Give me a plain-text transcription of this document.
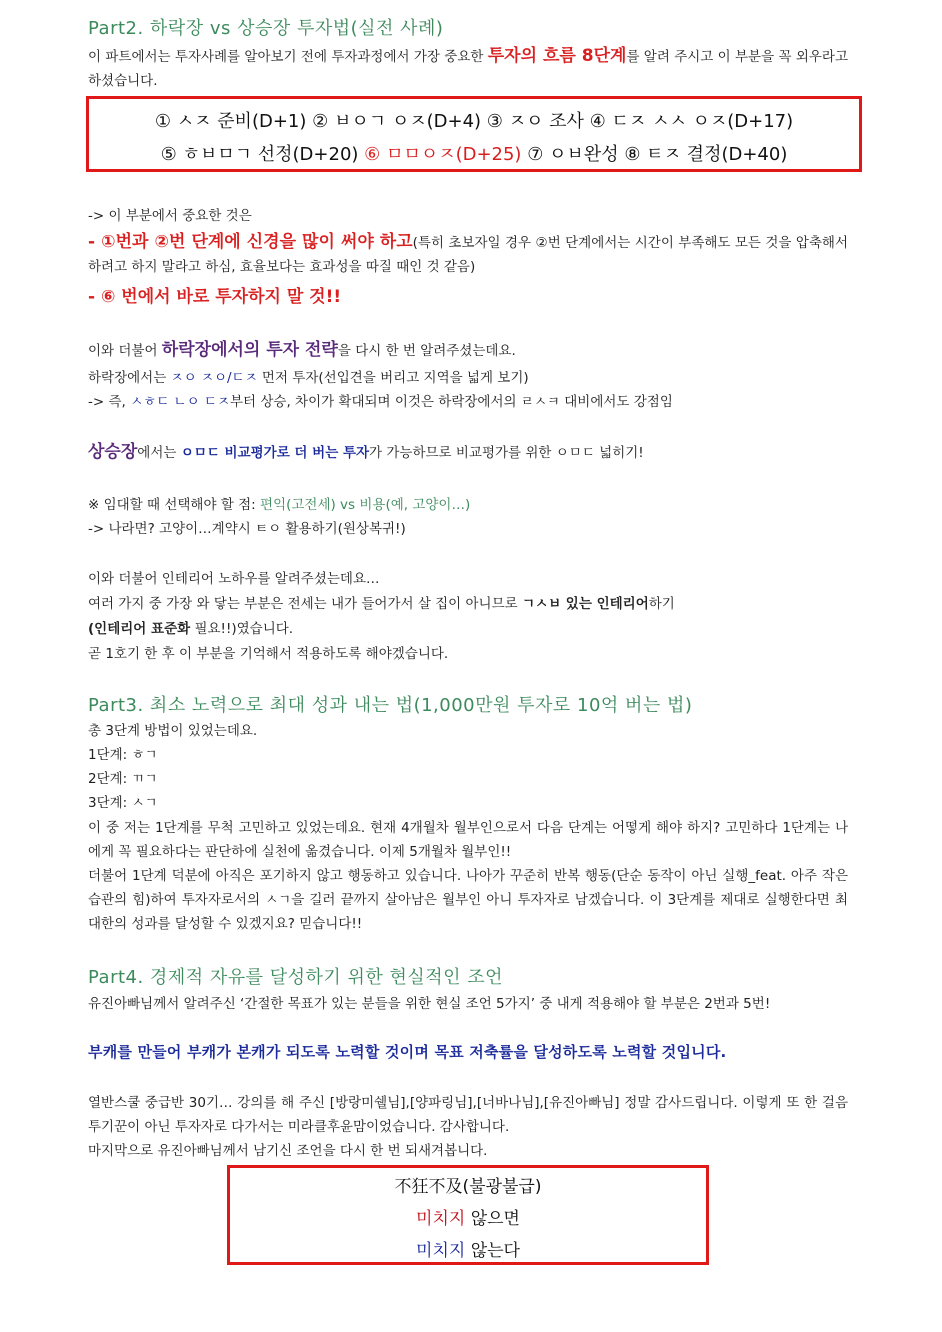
Part2. 하락장 vs 상승장 투자법(실전 사례)
이 파트에서는 투자사례를 알아보기 전에 투자과정에서 가장 중요한 투자의 흐름 8단계를 알려 주시고 이 부분을 꼭 외우라고 하셨습니다.
① ㅅㅈ 준비(D+1) ② ㅂㅇㄱ ㅇㅈ(D+4) ③ ㅈㅇ 조사 ④ ㄷㅈ ㅅㅅ ㅇㅈ(D+17)
⑤ ㅎㅂㅁㄱ 선정(D+20) ⑥ ㅁㅁㅇㅈ(D+25) ⑦ ㅇㅂ완성 ⑧ ㅌㅈ 결정(D+40)
-> 이 부분에서 중요한 것은
- ①번과 ②번 단계에 신경을 많이 써야 하고(특히 초보자일 경우 ②번 단계에서는 시간이 부족해도 모든 것을 압축해서 하려고 하지 말라고 하심, 효율보다는 효과성을 따질 때인 것 같음)
- ⑥ 번에서 바로 투자하지 말 것!!
이와 더불어 하락장에서의 투자 전략을 다시 한 번 알려주셨는데요.
하락장에서는 ㅈㅇ ㅈㅇ/ㄷㅈ 먼저 투자(선입견을 버리고 지역을 넓게 보기)
-> 즉, ㅅㅎㄷ ㄴㅇ ㄷㅈ부터 상승, 차이가 확대되며 이것은 하락장에서의 ㄹㅅㅋ 대비에서도 강점임
상승장에서는 ㅇㅁㄷ 비교평가로 더 버는 투자가 가능하므로 비교평가를 위한 ㅇㅁㄷ 넓히기!
※ 임대할 때 선택해야 할 점: 편익(고전세) vs 비용(예, 고양이…)
-> 나라면? 고양이…계약시 ㅌㅇ 활용하기(원상복귀!)
이와 더불어 인테리어 노하우를 알려주셨는데요…
여러 가지 중 가장 와 닿는 부분은 전세는 내가 들어가서 살 집이 아니므로 ㄱㅅㅂ 있는 인테리어하기
(인테리어 표준화 필요!!)였습니다.
곧 1호기 한 후 이 부분을 기억해서 적용하도록 해야겠습니다.
Part3. 최소 노력으로 최대 성과 내는 법(1,000만원 투자로 10억 버는 법)
총 3단계 방법이 있었는데요.
1단계: ㅎㄱ
2단계: ㄲㄱ
3단계: ㅅㄱ
이 중 저는 1단계를 무척 고민하고 있었는데요. 현재 4개월차 월부인으로서 다음 단계는 어떻게 해야 하지? 고민하다 1단계는 나에게 꼭 필요하다는 판단하에 실천에 옮겼습니다. 이제 5개월차 월부인!!
더불어 1단계 덕분에 아직은 포기하지 않고 행동하고 있습니다. 나아가 꾸준히 반복 행동(단순 동작이 아닌 실행_feat. 아주 작은 습관의 힘)하여 투자자로서의 ㅅㄱ을 길러 끝까지 살아남은 월부인 아니 투자자로 남겠습니다. 이 3단계를 제대로 실행한다면 최대한의 성과를 달성할 수 있겠지요? 믿습니다!!
Part4. 경제적 자유를 달성하기 위한 현실적인 조언
유진아빠님께서 알려주신 ‘간절한 목표가 있는 분들을 위한 현실 조언 5가지’ 중 내게 적용해야 할 부분은 2번과 5번!
부캐를 만들어 부캐가 본캐가 되도록 노력할 것이며 목표 저축률을 달성하도록 노력할 것입니다.
열반스쿨 중급반 30기… 강의를 해 주신 [방랑미쉘님],[양파링님],[너바나님],[유진아빠님] 정말 감사드립니다. 이렇게 또 한 걸음 투기꾼이 아닌 투자자로 다가서는 미라클후윤맘이었습니다. 감사합니다.
마지막으로 유진아빠님께서 남기신 조언을 다시 한 번 되새겨봅니다.
不狂不及(불광불급)
미치지 않으면
미치지 않는다
